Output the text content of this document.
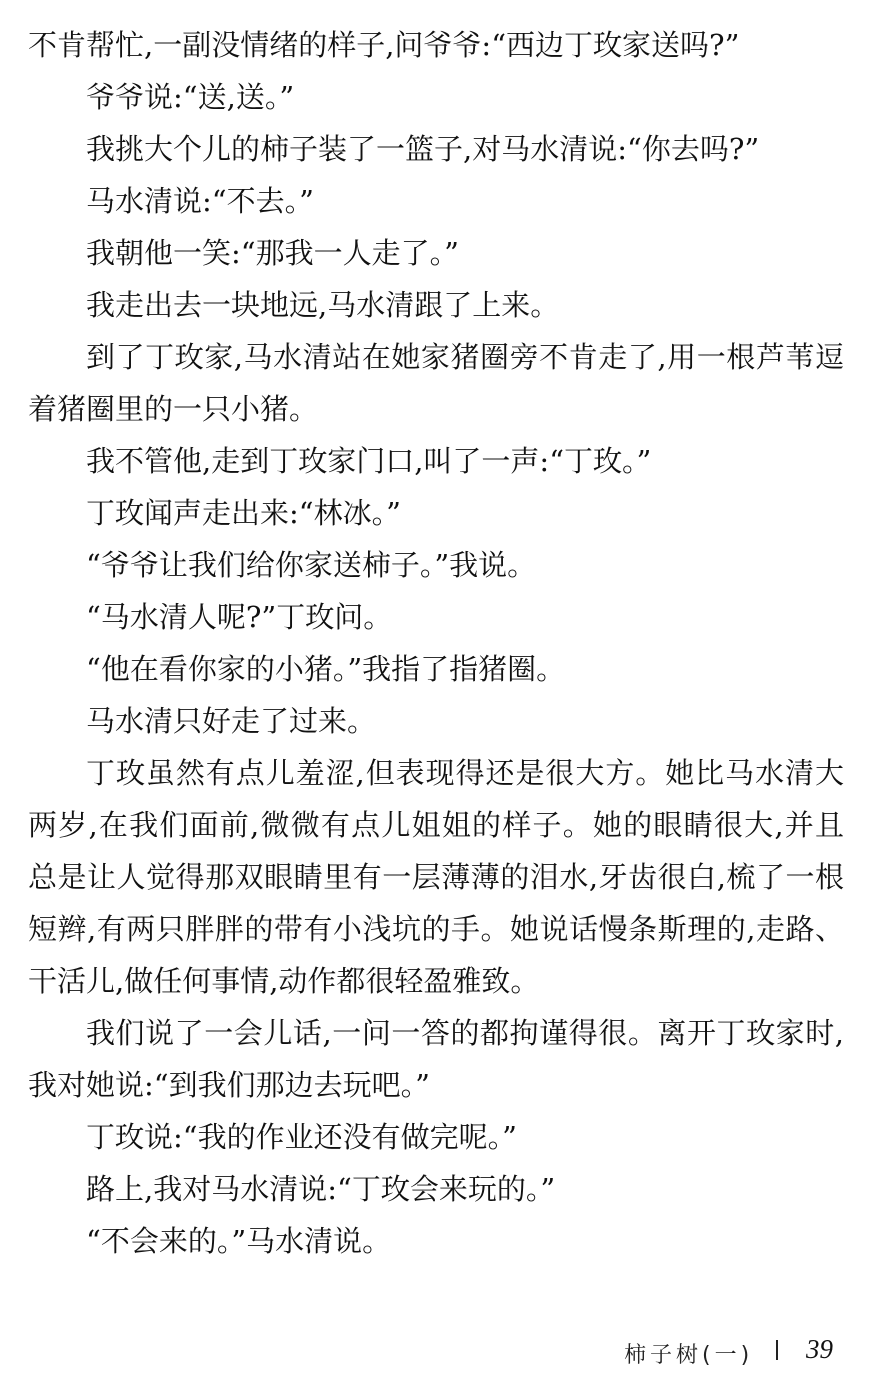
不肯帮忙,一副没情绪的样子,问爷爷:“西边丁玫家送吗?”
爷爷说:“送,送。”
我挑大个儿的柿子装了一篮子,对马水清说:“你去吗?”
马水清说:“不去。”
我朝他一笑:“那我一人走了。”
我走出去一块地远,马水清跟了上来。
到了丁玫家,马水清站在她家猪圈旁不肯走了,用一根芦苇逗
着猪圈里的一只小猪。
我不管他,走到丁玫家门口,叫了一声:“丁玫。”
丁玫闻声走出来:“林冰。”
“爷爷让我们给你家送柿子。”我说。
“马水清人呢?”丁玫问。
“他在看你家的小猪。”我指了指猪圈。
马水清只好走了过来。
丁玫虽然有点儿羞涩,但表现得还是很大方。她比马水清大
两岁,在我们面前,微微有点儿姐姐的样子。她的眼睛很大,并且
总是让人觉得那双眼睛里有一层薄薄的泪水,牙齿很白,梳了一根
短辫,有两只胖胖的带有小浅坑的手。她说话慢条斯理的,走路、
干活儿,做任何事情,动作都很轻盈雅致。
我们说了一会儿话,一问一答的都拘谨得很。离开丁玫家时,
我对她说:“到我们那边去玩吧。”
丁玫说:“我的作业还没有做完呢。”
路上,我对马水清说:“丁玫会来玩的。”
“不会来的。”马水清说。
柿子树(一) 39
